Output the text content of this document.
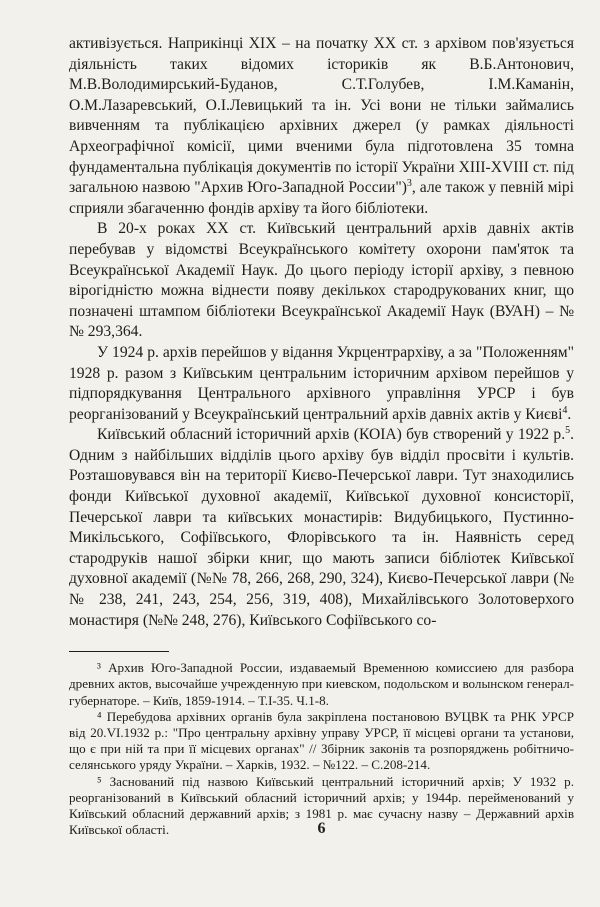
активізується. Наприкінці XIX – на початку XX ст. з архівом пов'язується діяльність таких відомих істориків як В.Б.Антонович, М.В.Володимирський-Буданов, С.Т.Голубев, І.М.Каманін, О.М.Лазаревський, О.І.Левицький та ін. Усі вони не тільки займались вивченням та публікацією архівних джерел (у рамках діяльності Археографічної комісії, цими вченими була підготовлена 35 томна фундаментальна публікація документів по історії України XIII-XVIII ст. під загальною назвою "Архив Юго-Западной России")$^3$, але також у певній мірі сприяли збагаченню фондів архіву та його бібліотеки.

В 20-х роках XX ст. Київський центральний архів давніх актів перебував у відомстві Всеукраїнського комітету охорони пам'яток та Всеукраїнської Академії Наук. До цього періоду історії архіву, з певною вірогідністю можна віднести появу декількох стародрукованих книг, що позначені штампом бібліотеки Всеукраїнської Академії Наук (ВУАН) – №№ 293,364.

У 1924 р. архів перейшов у відання Укрцентрархіву, а за "Положенням" 1928 р. разом з Київським центральним історичним архівом перейшов у підпорядкування Центрального архівного управління УРСР і був реорганізований у Всеукраїнський центральний архів давніх актів у Києві$^4$.

Київський обласний історичний архів (КОІА) був створений у 1922 р.$^5$. Одним з найбільших відділів цього архіву був відділ просвіти і культів. Розташовувався він на території Києво-Печерської лаври. Тут знаходились фонди Київської духовної академії, Київської духовної консисторії, Печерської лаври та київських монастирів: Видубицького, Пустинно-Микільського, Софіївського, Флорівського та ін. Наявність серед стародруків нашої збірки книг, що мають записи бібліотек Київської духовної академії (№№ 78, 266, 268, 290, 324), Києво-Печерської лаври (№№ 238, 241, 243, 254, 256, 319, 408), Михайлівського Золотоверхого монастиря (№№ 248, 276), Київського Софіївського со-

³ Архив Юго-Западной России, издаваемый Временною комиссиею для разбора древних актов, высочайше учрежденную при киевском, подольском и волынском генерал-губернаторе. – Київ, 1859-1914. – Т.І-35. Ч.1-8.

⁴ Перебудова архівних органів була закріплена постановою ВУЦВК та РНК УРСР від 20.VI.1932 р.: "Про центральну архівну управу УРСР, її місцеві органи та установи, що є при ній та при її місцевих органах" // Збірник законів та розпоряджень робітничо-селянського уряду України. – Харків, 1932. – №122. – С.208-214.

⁵ Заснований під назвою Київський центральний історичний архів; У 1932 р. реорганізований в Київський обласний історичний архів; у 1944р. перейменований у Київський обласний державний архів; з 1981 р. має сучасну назву – Державний архів Київської області.	6
